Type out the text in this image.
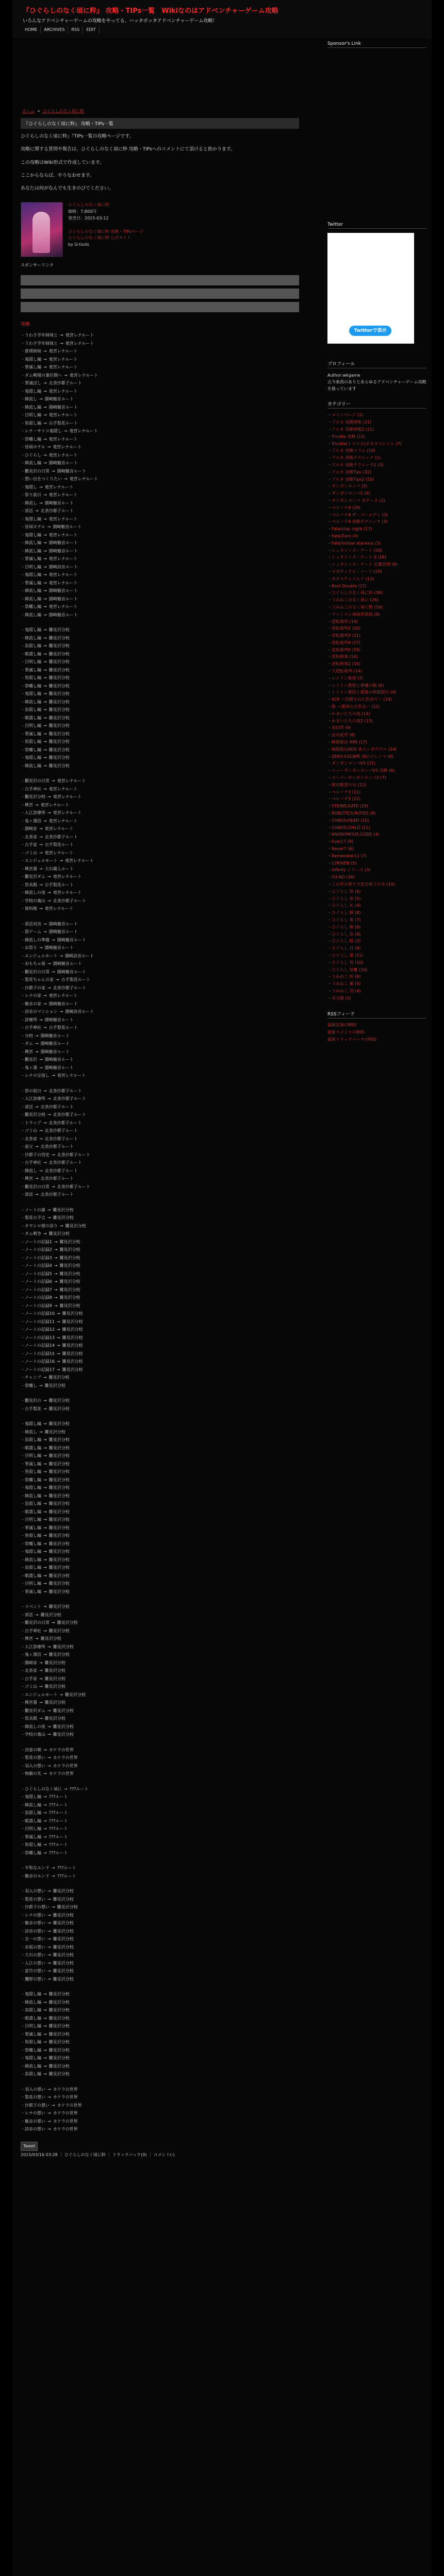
『ひぐらしのなく頃に粋』 攻略・TIPs一覧　Wikiなのはアドベンチャーゲーム攻略
いろんなアドベンチャーゲームの攻略をやってる、ハッタポッタアドベンチャーゲーム攻略！
HOME	ARCHIVES	RSS	EDIT
ホーム » ひぐらしのなく頃に粋
『ひぐらしのなく頃に粋』 攻略・TIPs一覧

ひぐらしのなく頃に粋』『TIPs一覧の攻略ページです。

攻略に関する質問や報告は、ひぐらしのなく頃に粋 攻略・TIPsへのコメントにて頂けると助かります。

この攻略はWiki形式で作成しています。

ここからならば、やりなおせます。

あなたは何がなんでも生きのびてください。

ひぐらしのなく頃に粋
価格：7,800円
発売日：2015-03-12

ひぐらしのなく頃に粋 攻略・TIPsページ
ひぐらしのなく頃に粋 公式サイト
by G-tools
スポンサーリンク
攻略
・ うわさ学年姉妹と → 竜宮レナルート
・ うわさ学年姉妹と → 竜宮レナルート
・ 推理姉妹 → 竜宮レナルート
・ 鬼隠し編 → 竜宮レナルート
・ 罪滅し編 → 竜宮レナルート
・ ダム戦場の兼任側へ → 竜宮レナルート
・ 罪滅ぼし → 北条沙都子ルート
・ 鬼隠し編 → 竜宮レナルート
・ 綿流し → 園崎魅音ルート
・ 綿流し編 → 園崎魅音ルート
・ 目明し編 → 竜宮レナルート
・ 皆殺し編 → 古手梨花ルート
・ レナ・サトコ鬼隠し → 竜宮レナルート
・ 祭囃し編 → 竜宮レナルート
・ 昼頃ホテル → 竜宮レナルート
・ ひぐらし → 竜宮レナルート
・ 綿流し編 → 園崎魅音ルート
・ 雛見沢の日常 → 園崎魅音ルート
・ 想い出をつくりたい → 竜宮レナルート
・ 鬼隠し → 竜宮レナルート
・ 祭り前日 → 竜宮レナルート
・ 綿流し → 園崎魅音ルート
・ 部活 → 北条沙都子ルート
・ 鬼隠し編 → 竜宮レナルート
・ 昼頃ホテル → 園崎魅音ルート
・ 鬼隠し編 → 竜宮レナルート
・ 綿流し編 → 園崎魅音ルート
・ 綿流し編 → 園崎魅音ルート
・ 罪滅し編 → 竜宮レナルート
・ 目明し編 → 園崎詩音ルート
・ 鬼隠し編 → 竜宮レナルート
・ 罪滅し編 → 竜宮レナルート
・ 綿流し編 → 園崎魅音ルート
・ 綿流し編 → 園崎魅音ルート
・ 祭囃し編 → 竜宮レナルート
・ 綿流し編 → 園崎魅音ルート
・ 鬼隠し編 → 雛見沢分校
・ 綿流し編 → 雛見沢分校
・ 祟殺し編 → 雛見沢分校
・ 暇潰し編 → 雛見沢分校
・ 目明し編 → 雛見沢分校
・ 罪滅し編 → 雛見沢分校
・ 皆殺し編 → 雛見沢分校
・ 祭囃し編 → 雛見沢分校
・ 鬼隠し編 → 雛見沢分校
・ 綿流し編 → 雛見沢分校
・ 祟殺し編 → 雛見沢分校
・ 暇潰し編 → 雛見沢分校
・ 目明し編 → 雛見沢分校
・ 罪滅し編 → 雛見沢分校
・ 皆殺し編 → 雛見沢分校
・ 祭囃し編 → 雛見沢分校
・ 鬼隠し編 → 雛見沢分校
・ 綿流し編 → 雛見沢分校
・ 雛見沢の日常 → 竜宮レナルート
・ 古手神社 → 竜宮レナルート
・ 雛見沢分校 → 竜宮レナルート
・ 興宮 → 竜宮レナルート
・ 入江診療所 → 竜宮レナルート
・ 鬼ヶ淵沼 → 竜宮レナルート
・ 園崎家 → 竜宮レナルート
・ 北条家 → 北条沙都子ルート
・ 古手家 → 古手梨花ルート
・ ゴミ山 → 竜宮レナルート
・ エンジェルモート → 竜宮レナルート
・ 興宮署 → 大石蔵人ルート
・ 雛見沢ダム → 竜宮レナルート
・ 祭具殿 → 古手梨花ルート
・ 綿流しの夜 → 竜宮レナルート
・ 学校の裏山 → 北条沙都子ルート
・ 資料館 → 竜宮レナルート
・ 部活対決 → 園崎魅音ルート
・ 罰ゲーム → 園崎魅音ルート
・ 綿流しの準備 → 園崎魅音ルート
・ お祭り → 園崎魅音ルート
・ エンジェルモート → 園崎詩音ルート
・ おもちゃ屋 → 園崎魅音ルート
・ 雛見沢の日常 → 園崎魅音ルート
・ 梨花ちゃんの家 → 古手梨花ルート
・ 沙都子の家 → 北条沙都子ルート
・ レナの家 → 竜宮レナルート
・ 魅音の家 → 園崎魅音ルート
・ 詩音のマンション → 園崎詩音ルート
・ 診療所 → 園崎魅音ルート
・ 古手神社 → 古手梨花ルート
・ 分校 → 園崎魅音ルート
・ ダム → 園崎魅音ルート
・ 興宮 → 園崎魅音ルート
・ 雛見沢 → 園崎魅音ルート
・ 鬼ヶ淵 → 園崎魅音ルート
・ レナの宝探し → 竜宮レナルート
・ 祭の前日 → 北条沙都子ルート
・ 入江診療所 → 北条沙都子ルート
・ 部活 → 北条沙都子ルート
・ 雛見沢分校 → 北条沙都子ルート
・ トラップ → 北条沙都子ルート
・ ゴミ山 → 北条沙都子ルート
・ 北条家 → 北条沙都子ルート
・ 叔父 → 北条沙都子ルート
・ 沙都子の悟史 → 北条沙都子ルート
・ 古手神社 → 北条沙都子ルート
・ 綿流し → 北条沙都子ルート
・ 興宮 → 北条沙都子ルート
・ 雛見沢の日常 → 北条沙都子ルート
・ 部活 → 北条沙都子ルート
・ ノートの謎 → 雛見沢分校
・ 梨花の予言 → 雛見沢分校
・ オヤシロ様の祟り → 雛見沢分校
・ ダム戦争 → 雛見沢分校
・ ノートの記録1 → 雛見沢分校
・ ノートの記録2 → 雛見沢分校
・ ノートの記録3 → 雛見沢分校
・ ノートの記録4 → 雛見沢分校
・ ノートの記録5 → 雛見沢分校
・ ノートの記録6 → 雛見沢分校
・ ノートの記録7 → 雛見沢分校
・ ノートの記録8 → 雛見沢分校
・ ノートの記録9 → 雛見沢分校
・ ノートの記録10 → 雛見沢分校
・ ノートの記録11 → 雛見沢分校
・ ノートの記録12 → 雛見沢分校
・ ノートの記録13 → 雛見沢分校
・ ノートの記録14 → 雛見沢分校
・ ノートの記録15 → 雛見沢分校
・ ノートの記録16 → 雛見沢分校
・ ノートの記録17 → 雛見沢分校
・ チャンプ → 雛見沢分校
・ 祭囃し → 雛見沢分校
・ 雛見沢の → 雛見沢分校
・ 古手梨花 → 雛見沢分校
・ 鬼隠し編 → 雛見沢分校
・ 綿流し → 雛見沢分校
・ 祟殺し編 → 雛見沢分校
・ 暇潰し編 → 雛見沢分校
・ 目明し編 → 雛見沢分校
・ 罪滅し編 → 雛見沢分校
・ 皆殺し編 → 雛見沢分校
・ 祭囃し編 → 雛見沢分校
・ 鬼隠し編 → 雛見沢分校
・ 綿流し編 → 雛見沢分校
・ 祟殺し編 → 雛見沢分校
・ 暇潰し編 → 雛見沢分校
・ 目明し編 → 雛見沢分校
・ 罪滅し編 → 雛見沢分校
・ 皆殺し編 → 雛見沢分校
・ 祭囃し編 → 雛見沢分校
・ 鬼隠し編 → 雛見沢分校
・ 綿流し編 → 雛見沢分校
・ 祟殺し編 → 雛見沢分校
・ 暇潰し編 → 雛見沢分校
・ 目明し編 → 雛見沢分校
・ 罪滅し編 → 雛見沢分校
・ イベント → 雛見沢分校
・ 部活 → 雛見沢分校
・ 雛見沢の日常 → 雛見沢分校
・ 古手神社 → 雛見沢分校
・ 興宮 → 雛見沢分校
・ 入江診療所 → 雛見沢分校
・ 鬼ヶ淵沼 → 雛見沢分校
・ 園崎家 → 雛見沢分校
・ 北条家 → 雛見沢分校
・ 古手家 → 雛見沢分校
・ ゴミ山 → 雛見沢分校
・ エンジェルモート → 雛見沢分校
・ 興宮署 → 雛見沢分校
・ 雛見沢ダム → 雛見沢分校
・ 祭具殿 → 雛見沢分校
・ 綿流しの夜 → 雛見沢分校
・ 学校の裏山 → 雛見沢分校
・ 決意の朝 → カケラの世界
・ 梨花の想い → カケラの世界
・ 羽入の想い → カケラの世界
・ 惨劇の先 → カケラの世界
・ ひぐらしのなく頃に → ???ルート
・ 鬼隠し編 → ???ルート
・ 綿流し編 → ???ルート
・ 祟殺し編 → ???ルート
・ 暇潰し編 → ???ルート
・ 目明し編 → ???ルート
・ 罪滅し編 → ???ルート
・ 皆殺し編 → ???ルート
・ 祭囃し編 → ???ルート
・ 平和なエンド → ???ルート
・ 魅音のエンド → ???ルート
・ 羽入の想い → 雛見沢分校
・ 梨花の想い → 雛見沢分校
・ 沙都子の想い → 雛見沢分校
・ レナの想い → 雛見沢分校
・ 魅音の想い → 雛見沢分校
・ 詩音の想い → 雛見沢分校
・ 圭一の想い → 雛見沢分校
・ 赤坂の想い → 雛見沢分校
・ 大石の想い → 雛見沢分校
・ 入江の想い → 雛見沢分校
・ 富竹の想い → 雛見沢分校
・ 鷹野の想い → 雛見沢分校
・ 鬼隠し編 → 雛見沢分校
・ 綿流し編 → 雛見沢分校
・ 祟殺し編 → 雛見沢分校
・ 暇潰し編 → 雛見沢分校
・ 目明し編 → 雛見沢分校
・ 罪滅し編 → 雛見沢分校
・ 皆殺し編 → 雛見沢分校
・ 祭囃し編 → 雛見沢分校
・ 鬼隠し編 → 雛見沢分校
・ 綿流し編 → 雛見沢分校
・ 祟殺し編 → 雛見沢分校
・ 羽入の想い → カケラの世界
・ 梨花の想い → カケラの世界
・ 沙都子の想い → カケラの世界
・ レナの想い → カケラの世界
・ 魅音の想い → カケラの世界
・ 詩音の想い → カケラの世界
Tweet
2015/03/16 03:28 ｜ ひぐらしのなく頃に粋 ｜ トラックバック(0) ｜ コメント(-)
Sponsor's Link
Twitter
Twitterで表示
プロフィール
Author:wkgame
古今東西のありとあらゆるアドベンチャーゲーム攻略を扱っています
カテゴリー
・ メインページ (1)
・ アルカ 攻略情報 (21)
・ アルカ 攻略情報2 (11)
・ Tricolle 攻略 (15)
・ Tricolle(トリコル)ポタスペシャル (7)
・ アルカ 攻略コラム (16)
・ アルカ 攻略テクニック (2)
・ アルカ 攻略テクニック2 (3)
・ アルカ 攻略Tips (32)
・ アルカ 攻略Tips2 (10)
・ ダンガンロンパ (5)
・ ダンガンロンパ2 (9)
・ ダンガンロンパ 全データ (2)
・ ペルソナ4 (29)
・ ペルソナ4 ザ・ゴールデン (3)
・ ペルソナ4 攻略テクニック (3)
・ Fate/stay night (17)
・ Fate/Zero (4)
・ Fate/hollow ataraxia (3)
・ シュタインズ・ゲート (30)
・ シュタインズ・ゲート 0 (18)
・ シュタインズ・ゲート 比翼恋理 (9)
・ ロボティクス・ノーツ (29)
・ カオスチャイルド (13)
・ Root Double (21)
・ ひぐらしのなく頃に粋 (38)
・ うみねこのなく頃に (26)
・ うみねこのなく頃に散 (16)
・ ファミコン探偵倶楽部 (8)
・ 逆転裁判 (16)
・ 逆転裁判2 (10)
・ 逆転裁判3 (11)
・ 逆転裁判4 (17)
・ 逆転裁判5 (19)
・ 逆転検事 (14)
・ 逆転検事2 (15)
・ 大逆転裁判 (14)
・ レイトン教授 (7)
・ レイトン教授と悪魔の箱 (6)
・ レイトン教授と最後の時間旅行 (9)
・ 428 ～封鎖された渋谷で～ (18)
・ 街 ～運命の交差点～ (12)
・ かまいたちの夜 (14)
・ かまいたちの夜2 (13)
・ 弟切草 (6)
・ 忌火起草 (8)
・ 極限脱出 999 (17)
・ 極限脱出ADV 善人シボウデス (14)
・ ZERO ESCAPE 刻のジレンマ (8)
・ ダンガンロンパV3 (21)
・ ニューダンガンロンパV3 攻略 (6)
・ スーパーダンガンロンパ2 (7)
・ 絶対絶望少女 (12)
・ ペルソナ3 (11)
・ ペルソナ5 (22)
・ STEINS;GATE (19)
・ ROBOTICS;NOTES (9)
・ CHAOS;HEAD (10)
・ CHAOS;CHILD (11)
・ ANONYMOUS;CODE (4)
・ Ever17 (9)
・ Never7 (6)
・ Remember11 (7)
・ 12RIVEN (5)
・ infinity シリーズ (3)
・ YU-NO (16)
・ この世の果てで恋を唄う少女 (10)
・ ひぐらし 祭 (6)
・ ひぐらし 奉 (5)
・ ひぐらし 礼 (4)
・ ひぐらし 解 (8)
・ ひぐらし 鬼 (7)
・ ひぐらし 綿 (6)
・ ひぐらし 祟 (9)
・ ひぐらし 暇 (3)
・ ひぐらし 目 (8)
・ ひぐらし 罪 (11)
・ ひぐらし 皆 (10)
・ ひぐらし 祭囃 (14)
・ うみねこ 咲 (6)
・ うみねこ 翼 (5)
・ うみねこ 羽 (4)
・ 未分類 (3)
RSSフィード
最新記事のRSS
最新コメントのRSS
最新トラックバックのRSS
